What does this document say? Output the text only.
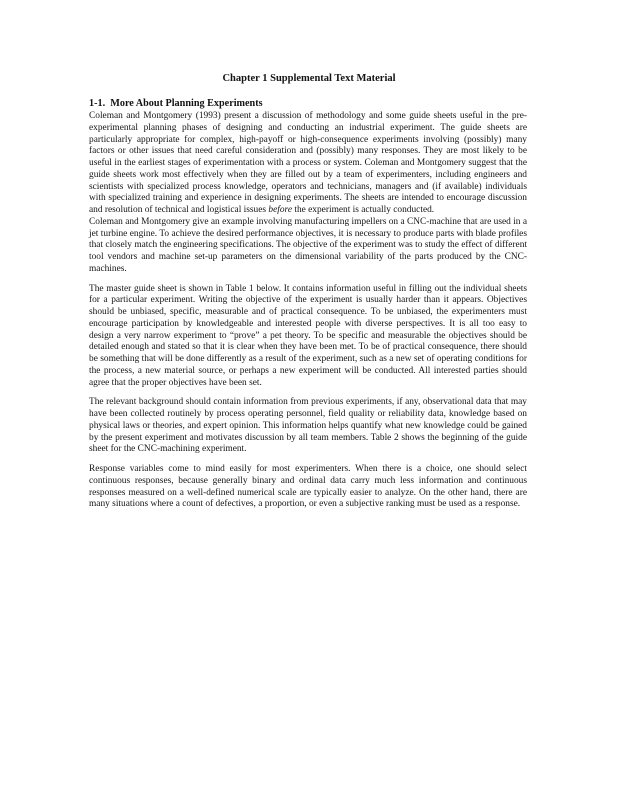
Chapter 1 Supplemental Text Material

1-1. More About Planning Experiments

Coleman and Montgomery (1993) present a discussion of methodology and some guide sheets useful in the pre-experimental planning phases of designing and conducting an industrial experiment. The guide sheets are particularly appropriate for complex, high-payoff or high-consequence experiments involving (possibly) many factors or other issues that need careful consideration and (possibly) many responses. They are most likely to be useful in the earliest stages of experimentation with a process or system. Coleman and Montgomery suggest that the guide sheets work most effectively when they are filled out by a team of experimenters, including engineers and scientists with specialized process knowledge, operators and technicians, managers and (if available) individuals with specialized training and experience in designing experiments. The sheets are intended to encourage discussion and resolution of technical and logistical issues before the experiment is actually conducted.

Coleman and Montgomery give an example involving manufacturing impellers on a CNC-machine that are used in a jet turbine engine. To achieve the desired performance objectives, it is necessary to produce parts with blade profiles that closely match the engineering specifications. The objective of the experiment was to study the effect of different tool vendors and machine set-up parameters on the dimensional variability of the parts produced by the CNC-machines.

The master guide sheet is shown in Table 1 below. It contains information useful in filling out the individual sheets for a particular experiment. Writing the objective of the experiment is usually harder than it appears. Objectives should be unbiased, specific, measurable and of practical consequence. To be unbiased, the experimenters must encourage participation by knowledgeable and interested people with diverse perspectives. It is all too easy to design a very narrow experiment to “prove” a pet theory. To be specific and measurable the objectives should be detailed enough and stated so that it is clear when they have been met. To be of practical consequence, there should be something that will be done differently as a result of the experiment, such as a new set of operating conditions for the process, a new material source, or perhaps a new experiment will be conducted. All interested parties should agree that the proper objectives have been set.

The relevant background should contain information from previous experiments, if any, observational data that may have been collected routinely by process operating personnel, field quality or reliability data, knowledge based on physical laws or theories, and expert opinion. This information helps quantify what new knowledge could be gained by the present experiment and motivates discussion by all team members. Table 2 shows the beginning of the guide sheet for the CNC-machining experiment.

Response variables come to mind easily for most experimenters. When there is a choice, one should select continuous responses, because generally binary and ordinal data carry much less information and continuous responses measured on a well-defined numerical scale are typically easier to analyze. On the other hand, there are many situations where a count of defectives, a proportion, or even a subjective ranking must be used as a response.
